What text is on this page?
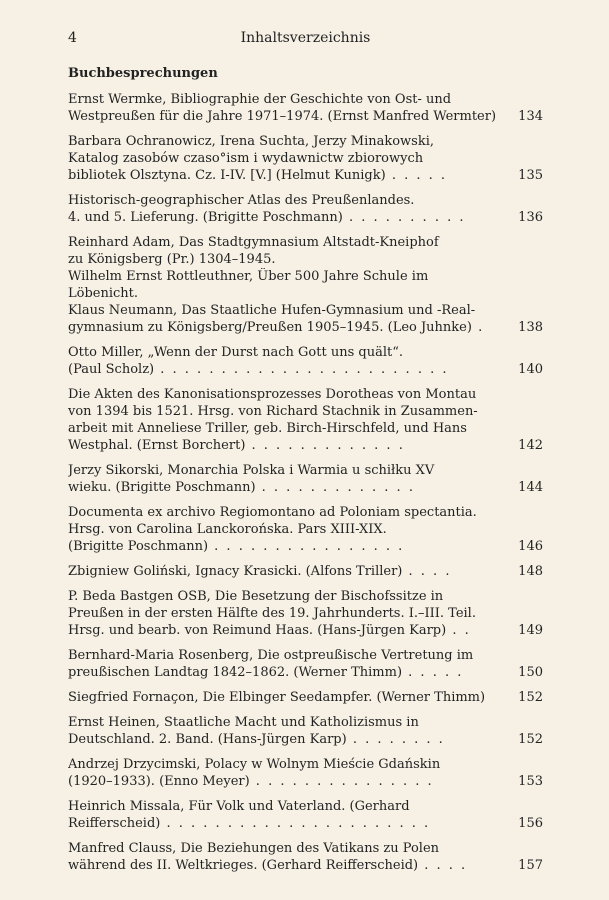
4	Inhaltsverzeichnis
Buchbesprechungen
Ernst Wermke, Bibliographie der Geschichte von Ost- und
Westpreußen für die Jahre 1971–1974. (Ernst Manfred Wermter)	134
Barbara Ochranowicz, Irena Suchta, Jerzy Minakowski,
Katalog zasobów czaso°ism i wydawnictw zbiorowych
bibliotek Olsztyna. Cz. I-IV. [V.] (Helmut Kunigk) . . . . .	135
Historisch-geographischer Atlas des Preußenlandes.
4. und 5. Lieferung. (Brigitte Poschmann) . . . . . . . . . .	136
Reinhard Adam, Das Stadtgymnasium Altstadt-Kneiphof
zu Königsberg (Pr.) 1304–1945.
Wilhelm Ernst Rottleuthner, Über 500 Jahre Schule im
Löbenicht.
Klaus Neumann, Das Staatliche Hufen-Gymnasium und -Real-
gymnasium zu Königsberg/Preußen 1905–1945. (Leo Juhnke) .	138
Otto Miller, „Wenn der Durst nach Gott uns quält“.
(Paul Scholz) . . . . . . . . . . . . . . . . . . . . . . . .	140
Die Akten des Kanonisationsprozesses Dorotheas von Montau
von 1394 bis 1521. Hrsg. von Richard Stachnik in Zusammen-
arbeit mit Anneliese Triller, geb. Birch-Hirschfeld, und Hans
Westphal. (Ernst Borchert) . . . . . . . . . . . . .	142
Jerzy Sikorski, Monarchia Polska i Warmia u schiłku XV
wieku. (Brigitte Poschmann) . . . . . . . . . . . . .	144
Documenta ex archivo Regiomontano ad Poloniam spectantia.
Hrsg. von Carolina Lanckorońska. Pars XIII-XIX.
(Brigitte Poschmann) . . . . . . . . . . . . . . . .	146
Zbigniew Goliński, Ignacy Krasicki. (Alfons Triller) . . . .	148
P. Beda Bastgen OSB, Die Besetzung der Bischofssitze in
Preußen in der ersten Hälfte des 19. Jahrhunderts. I.–III. Teil.
Hrsg. und bearb. von Reimund Haas. (Hans-Jürgen Karp) . .	149
Bernhard-Maria Rosenberg, Die ostpreußische Vertretung im
preußischen Landtag 1842–1862. (Werner Thimm) . . . . .	150
Siegfried Fornaçon, Die Elbinger Seedampfer. (Werner Thimm)	152
Ernst Heinen, Staatliche Macht und Katholizismus in
Deutschland. 2. Band. (Hans-Jürgen Karp) . . . . . . . .	152
Andrzej Drzycimski, Polacy w Wolnym Mieście Gdańskin
(1920–1933). (Enno Meyer) . . . . . . . . . . . . . . .	153
Heinrich Missala, Für Volk und Vaterland. (Gerhard
Reifferscheid) . . . . . . . . . . . . . . . . . . . . . .	156
Manfred Clauss, Die Beziehungen des Vatikans zu Polen
während des II. Weltkrieges. (Gerhard Reifferscheid) . . . .	157
